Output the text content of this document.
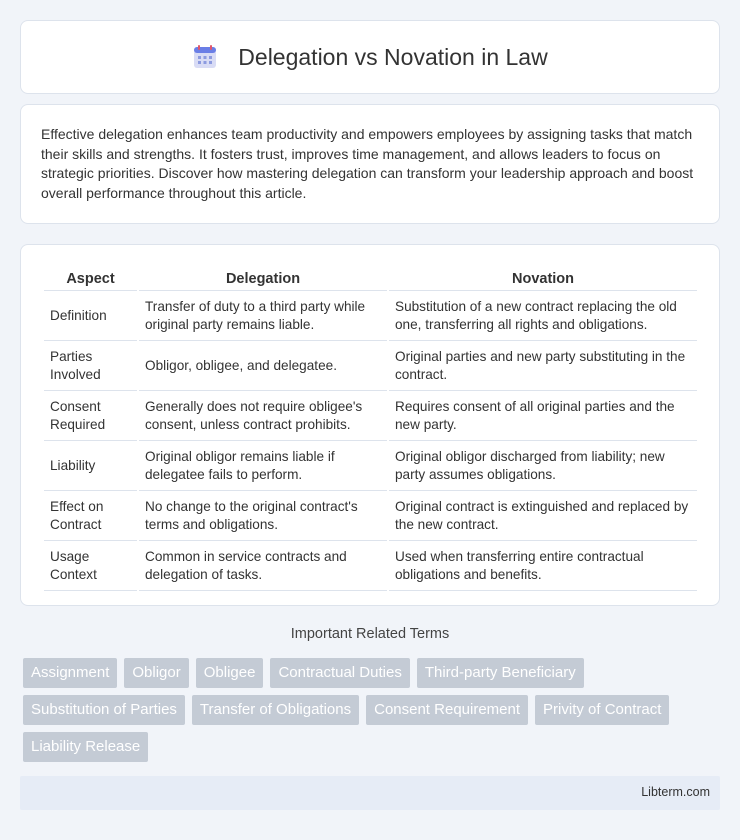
Delegation vs Novation in Law

Effective delegation enhances team productivity and empowers employees by assigning tasks that match their skills and strengths. It fosters trust, improves time management, and allows leaders to focus on strategic priorities. Discover how mastering delegation can transform your leadership approach and boost overall performance throughout this article.

Aspect	Delegation	Novation
Definition	Transfer of duty to a third party while original party remains liable.	Substitution of a new contract replacing the old one, transferring all rights and obligations.
Parties Involved	Obligor, obligee, and delegatee.	Original parties and new party substituting in the contract.
Consent Required	Generally does not require obligee's consent, unless contract prohibits.	Requires consent of all original parties and the new party.
Liability	Original obligor remains liable if delegatee fails to perform.	Original obligor discharged from liability; new party assumes obligations.
Effect on Contract	No change to the original contract's terms and obligations.	Original contract is extinguished and replaced by the new contract.
Usage Context	Common in service contracts and delegation of tasks.	Used when transferring entire contractual obligations and benefits.
Important Related Terms
Assignment	Obligor	Obligee	Contractual Duties	Third-party Beneficiary
Substitution of Parties	Transfer of Obligations	Consent Requirement	Privity of Contract
Liability Release
Libterm.com
